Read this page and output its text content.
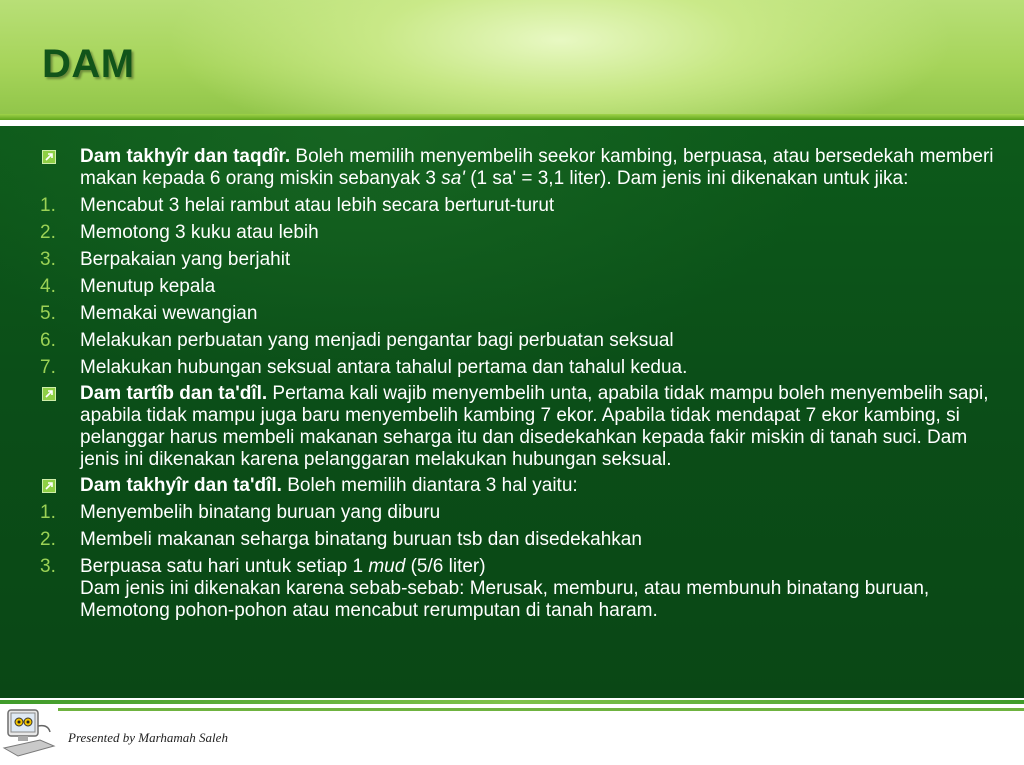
DAM
Dam takhyîr dan taqdîr. Boleh memilih menyembelih seekor kambing, berpuasa, atau bersedekah memberi makan kepada 6 orang miskin sebanyak 3 sa' (1 sa' = 3,1 liter). Dam jenis ini dikenakan untuk jika:
1.	Mencabut 3 helai rambut atau lebih secara berturut-turut
2.	Memotong 3 kuku atau lebih
3.	Berpakaian yang berjahit
4.	Menutup kepala
5.	Memakai wewangian
6.	Melakukan perbuatan yang menjadi pengantar bagi perbuatan seksual
7.	Melakukan hubungan seksual antara tahalul pertama dan tahalul kedua.
Dam tartîb dan ta'dîl. Pertama kali wajib menyembelih unta, apabila tidak mampu boleh menyembelih sapi, apabila tidak mampu juga baru menyembelih kambing 7 ekor. Apabila tidak mendapat 7 ekor kambing, si pelanggar harus membeli makanan seharga itu dan disedekahkan kepada fakir miskin di tanah suci. Dam jenis ini dikenakan karena pelanggaran melakukan hubungan seksual.
Dam takhyîr dan ta'dîl. Boleh memilih diantara 3 hal yaitu:
1.	Menyembelih binatang buruan yang diburu
2.	Membeli makanan seharga binatang buruan tsb dan disedekahkan
3.	Berpuasa satu hari untuk setiap 1 mud (5/6 liter)
Dam jenis ini dikenakan karena sebab-sebab: Merusak, memburu, atau membunuh binatang buruan, Memotong pohon-pohon atau mencabut rerumputan di tanah haram.
Presented by Marhamah Saleh
